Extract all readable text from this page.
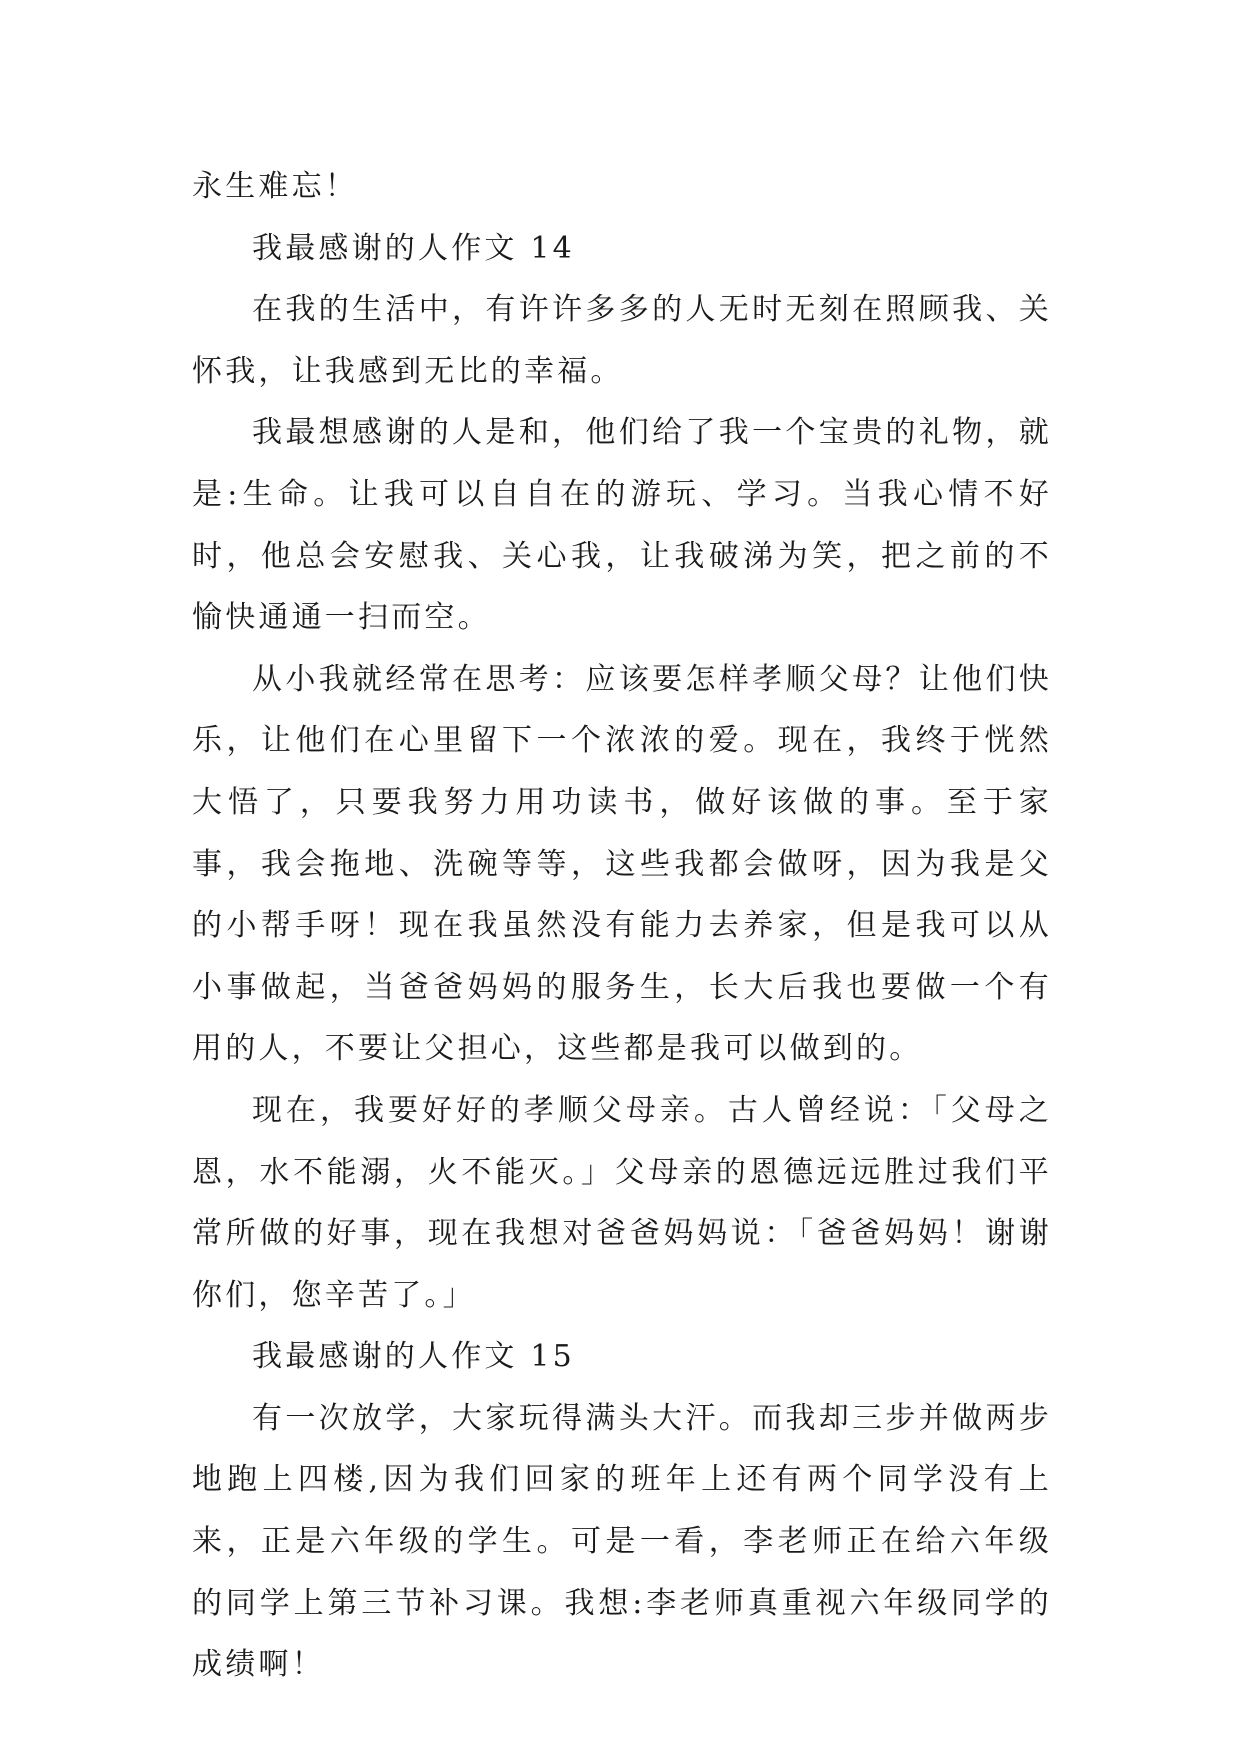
永生难忘！

我最感谢的人作文 14

在我的生活中，有许许多多的人无时无刻在照顾我、关怀我，让我感到无比的幸福。

我最想感谢的人是和，他们给了我一个宝贵的礼物，就是:生命。让我可以自自在的游玩、学习。当我心情不好时，他总会安慰我、关心我，让我破涕为笑，把之前的不愉快通通一扫而空。

从小我就经常在思考：应该要怎样孝顺父母？让他们快乐，让他们在心里留下一个浓浓的爱。现在，我终于恍然大悟了，只要我努力用功读书，做好该做的事。至于家事，我会拖地、洗碗等等，这些我都会做呀，因为我是父的小帮手呀！现在我虽然没有能力去养家，但是我可以从小事做起，当爸爸妈妈的服务生，长大后我也要做一个有用的人，不要让父担心，这些都是我可以做到的。

现在，我要好好的孝顺父母亲。古人曾经说：「父母之恩，水不能溺，火不能灭。」父母亲的恩德远远胜过我们平常所做的好事，现在我想对爸爸妈妈说：「爸爸妈妈！谢谢你们，您辛苦了。」

我最感谢的人作文 15

有一次放学，大家玩得满头大汗。而我却三步并做两步地跑上四楼,因为我们回家的班年上还有两个同学没有上来，正是六年级的学生。可是一看，李老师正在给六年级的同学上第三节补习课。我想:李老师真重视六年级同学的成绩啊！
